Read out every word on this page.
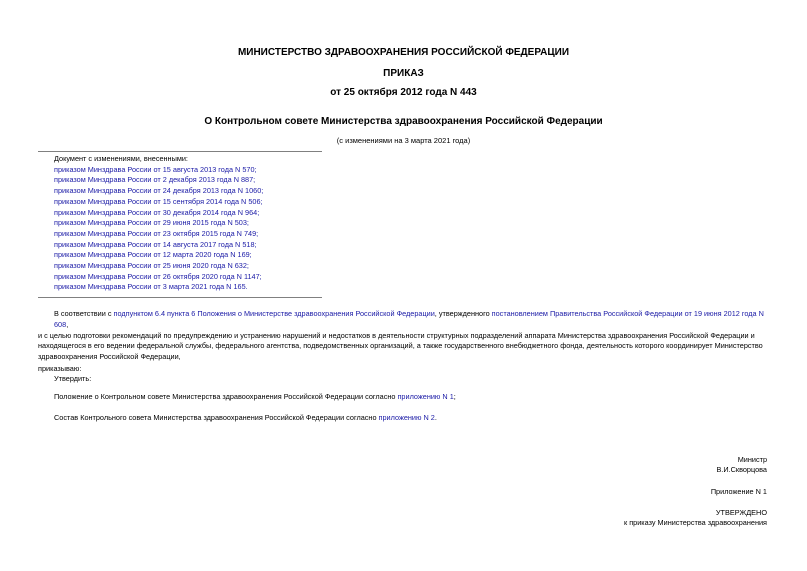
МИНИСТЕРСТВО ЗДРАВООХРАНЕНИЯ РОССИЙСКОЙ ФЕДЕРАЦИИ
ПРИКАЗ
от 25 октября 2012 года N 443
О Контрольном совете Министерства здравоохранения Российской Федерации
(с изменениями на 3 марта 2021 года)
Документ с изменениями, внесенными:
приказом Минздрава России от 15 августа 2013 года N 570;
приказом Минздрава России от 2 декабря 2013 года N 887;
приказом Минздрава России от 24 декабря 2013 года N 1060;
приказом Минздрава России от 15 сентября 2014 года N 506;
приказом Минздрава России от 30 декабря 2014 года N 964;
приказом Минздрава России от 29 июня 2015 года N 503;
приказом Минздрава России от 23 октября 2015 года N 749;
приказом Минздрава России от 14 августа 2017 года N 518;
приказом Минздрава России от 12 марта 2020 года N 169;
приказом Минздрава России от 25 июня 2020 года N 632;
приказом Минздрава России от 26 октября 2020 года N 1147;
приказом Минздрава России от 3 марта 2021 года N 165.
В соответствии с подпунктом 6.4 пункта 6 Положения о Министерстве здравоохранения Российской Федерации, утвержденного постановлением Правительства Российской Федерации от 19 июня 2012 года N 608,
и с целью подготовки рекомендаций по предупреждению и устранению нарушений и недостатков в деятельности структурных подразделений аппарата Министерства здравоохранения Российской Федерации и
находящегося в его ведении федеральной службы, федерального агентства, подведомственных организаций, а также государственного внебюджетного фонда, деятельность которого координирует Министерство
здравоохранения Российской Федерации,
приказываю:
Утвердить:
Положение о Контрольном совете Министерства здравоохранения Российской Федерации согласно приложению N 1;
Состав Контрольного совета Министерства здравоохранения Российской Федерации согласно приложению N 2.
Министр
В.И.Скворцова
Приложение N 1
УТВЕРЖДЕНО
к приказу Министерства здравоохранения
